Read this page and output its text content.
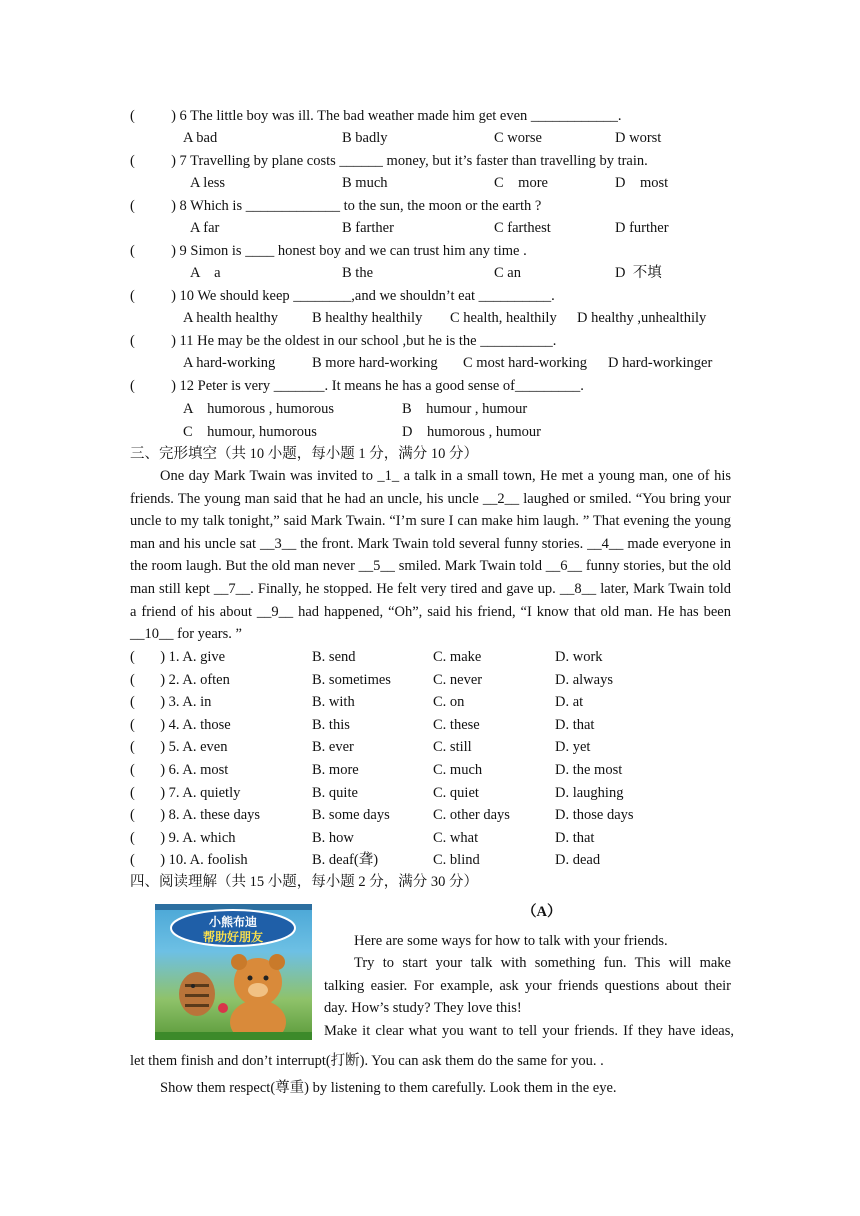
(          ) 6 The little boy was ill. The bad weather made him get even ____________.
A bad	B badly	C worse	D worst
(          ) 7 Travelling by plane costs ______ money, but it’s faster than travelling by train.
A less	B much	C    more	D    most
(          ) 8 Which is _____________ to the sun, the moon or the earth ?
A far	B farther	C farthest	D further
(          ) 9 Simon is ____ honest boy and we can trust him any time .
A    a	B the	C an	D  不填
(          ) 10 We should keep ________,and we shouldn’t eat __________.
A health healthy B healthy healthily C health, healthily D healthy ,unhealthily
(          ) 11 He may be the oldest in our school ,but he is the __________.
A hard-working	B more hard-working C most hard-working D hard-workinger
(          ) 12 Peter is very _______. It means he has a good sense of_________.
A    humorous , humorous	B    humour , humour
C    humour, humorous	D    humorous , humour
三、完形填空（共 10 小题，每小题 1 分，满分 10 分）
One day Mark Twain was invited to _1_ a talk in a small town, He met a young man, one of his friends. The young man said that he had an uncle, his uncle __2__ laughed or smiled. “You bring your uncle to my talk tonight,” said Mark Twain. “I’m sure I can make him laugh. ” That evening the young man and his uncle sat __3__ the front. Mark Twain told several funny stories. __4__ made everyone in the room laugh. But the old man never __5__ smiled. Mark Twain told __6__ funny stories, but the old man still kept __7__. Finally, he stopped. He felt very tired and gave up. __8__ later, Mark Twain told a friend of his about __9__ had happened, “Oh”, said his friend, “I know that old man. He has been __10__ for years. ”
(       ) 1. A. give	B. send	C. make	D. work
(       ) 2. A. often	B. sometimes	C. never	D. always
(       ) 3. A. in	B. with	C. on	D. at
(       ) 4. A. those	B. this	C. these	D. that
(       ) 5. A. even	B. ever	C. still	D. yet
(       ) 6. A. most	B. more	C. much	D. the most
(       ) 7. A. quietly	B. quite	C. quiet	D. laughing
(       ) 8. A. these days	B. some days	C. other days	D. those days
(       ) 9. A. which	B. how	C. what	D. that
(       ) 10. A. foolish	B. deaf(聋)	C. blind	D. dead
四、阅读理解（共 15 小题，每小题 2 分，满分 30 分）
（A）
小熊布迪
帮助好朋友	Here are some ways for how to talk with your friends.
Try to start your talk with something fun. This will make
talking easier. For example, ask your friends questions about their
day. How’s study? They love this!
Make it clear what you want to tell your friends. If they have ideas,
let them finish and don’t interrupt(打断). You can ask them do the same for you. .
Show them respect(尊重) by listening to them carefully. Look them in the eye.
